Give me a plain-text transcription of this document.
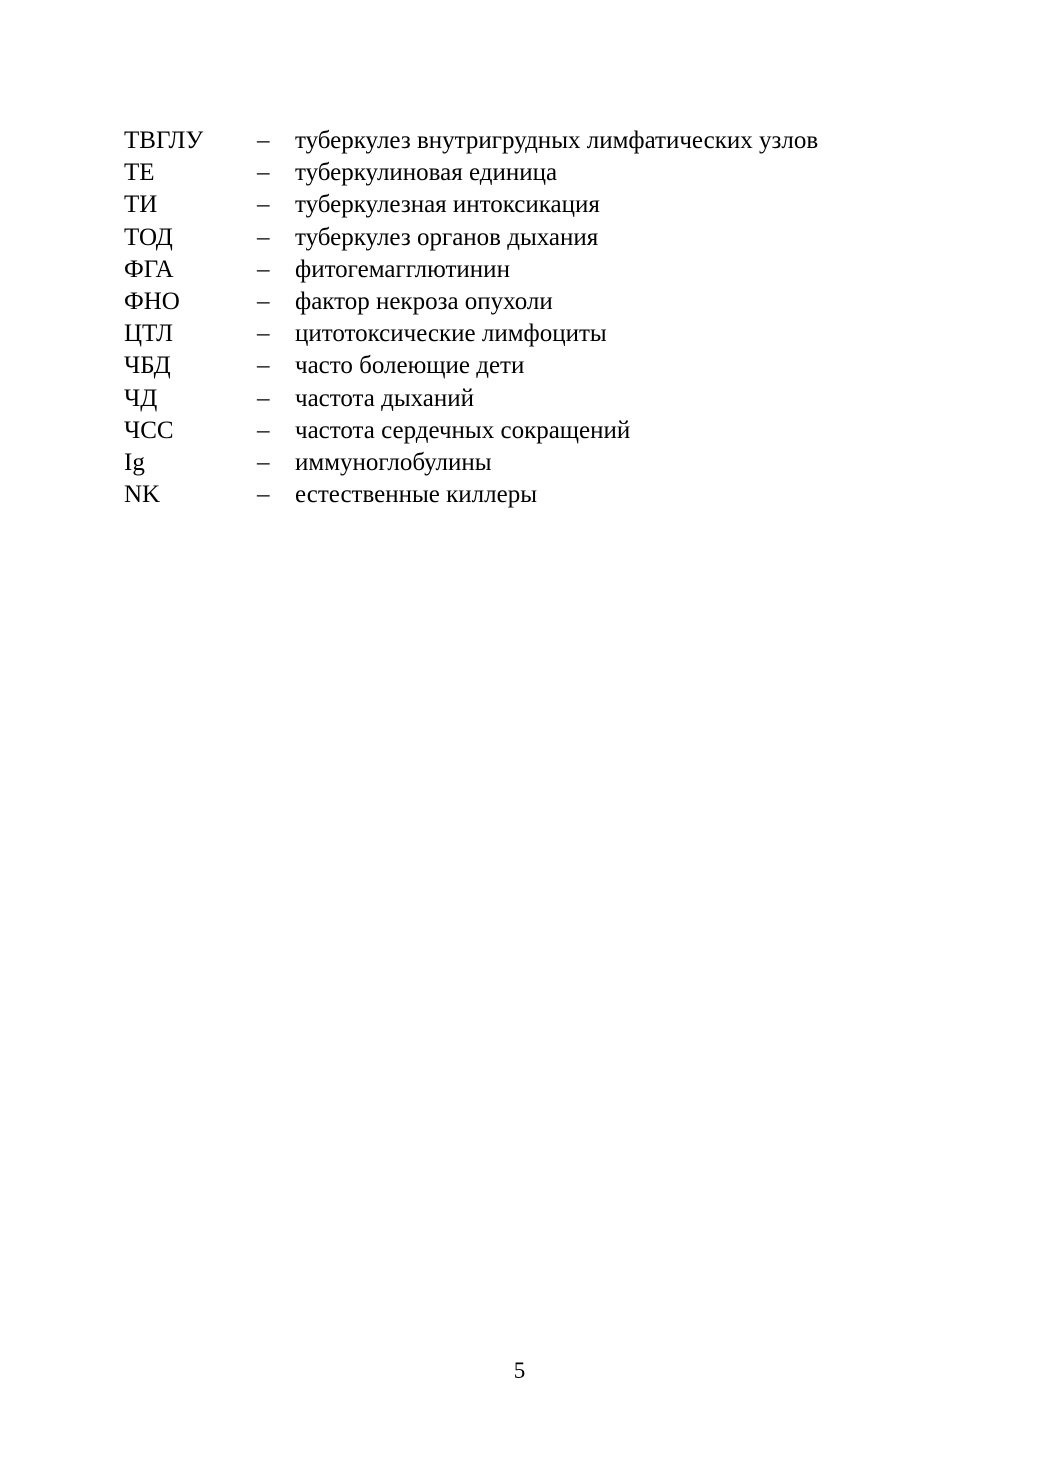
ТВГЛУ	–	туберкулез внутригрудных лимфатических узлов
ТЕ	–	туберкулиновая единица
ТИ	–	туберкулезная интоксикация
ТОД	–	туберкулез органов дыхания
ФГА	–	фитогемагглютинин
ФНО	–	фактор некроза опухоли
ЦТЛ	–	цитотоксические лимфоциты
ЧБД	–	часто болеющие дети
ЧД	–	частота дыханий
ЧСС	–	частота сердечных сокращений
Ig	–	иммуноглобулины
NK	–	естественные киллеры
5
